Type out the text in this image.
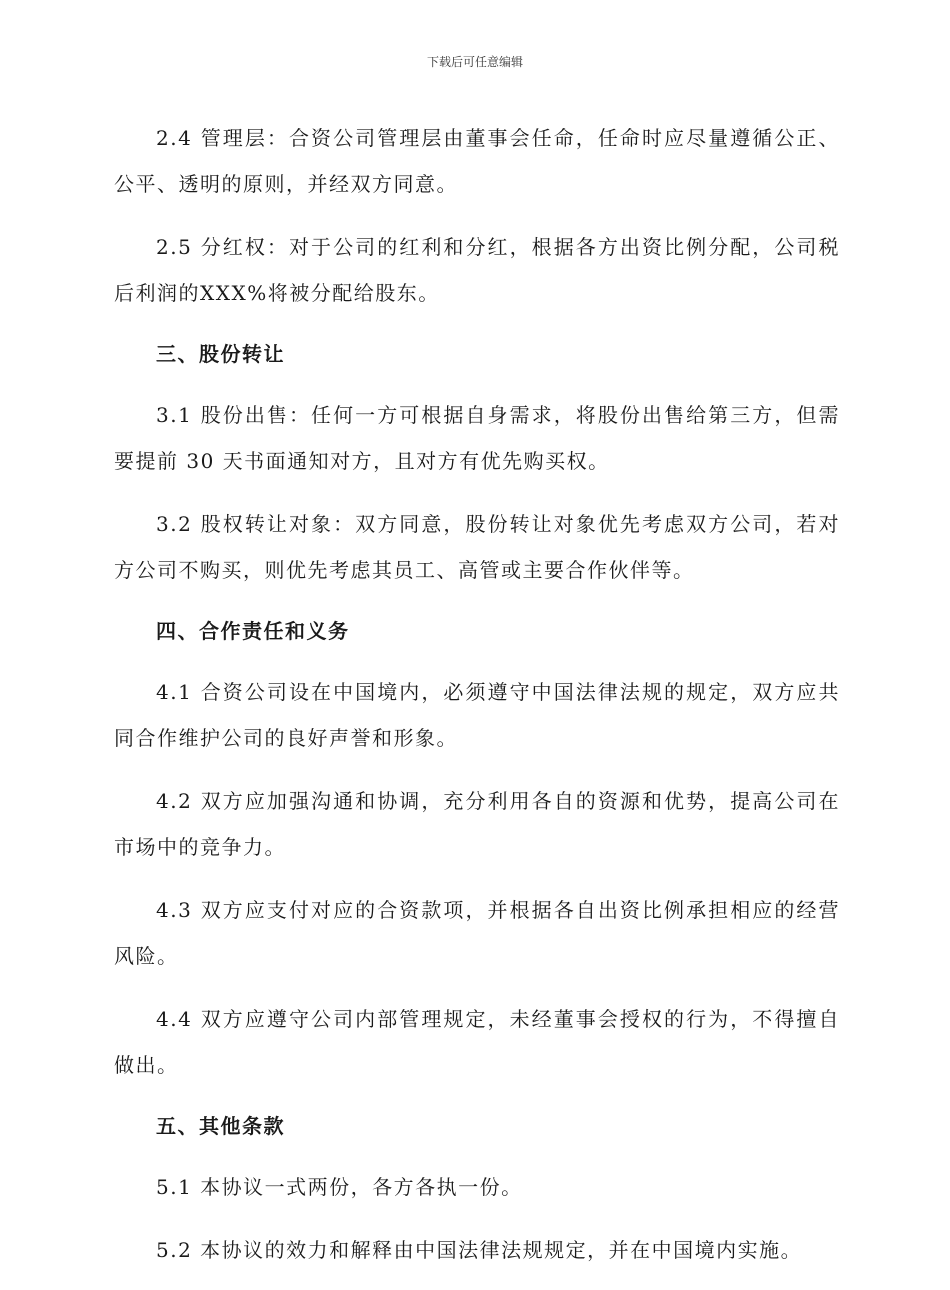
下载后可任意编辑

2.4 管理层：合资公司管理层由董事会任命，任命时应尽量遵循公正、公平、透明的原则，并经双方同意。

2.5 分红权：对于公司的红利和分红，根据各方出资比例分配，公司税后利润的XXX%将被分配给股东。

三、股份转让

3.1 股份出售：任何一方可根据自身需求，将股份出售给第三方，但需要提前 30 天书面通知对方，且对方有优先购买权。

3.2 股权转让对象：双方同意，股份转让对象优先考虑双方公司，若对方公司不购买，则优先考虑其员工、高管或主要合作伙伴等。

四、合作责任和义务

4.1 合资公司设在中国境内，必须遵守中国法律法规的规定，双方应共同合作维护公司的良好声誉和形象。

4.2 双方应加强沟通和协调，充分利用各自的资源和优势，提高公司在市场中的竞争力。

4.3 双方应支付对应的合资款项，并根据各自出资比例承担相应的经营风险。

4.4 双方应遵守公司内部管理规定，未经董事会授权的行为，不得擅自做出。

五、其他条款

5.1 本协议一式两份，各方各执一份。

5.2 本协议的效力和解释由中国法律法规规定，并在中国境内实施。
